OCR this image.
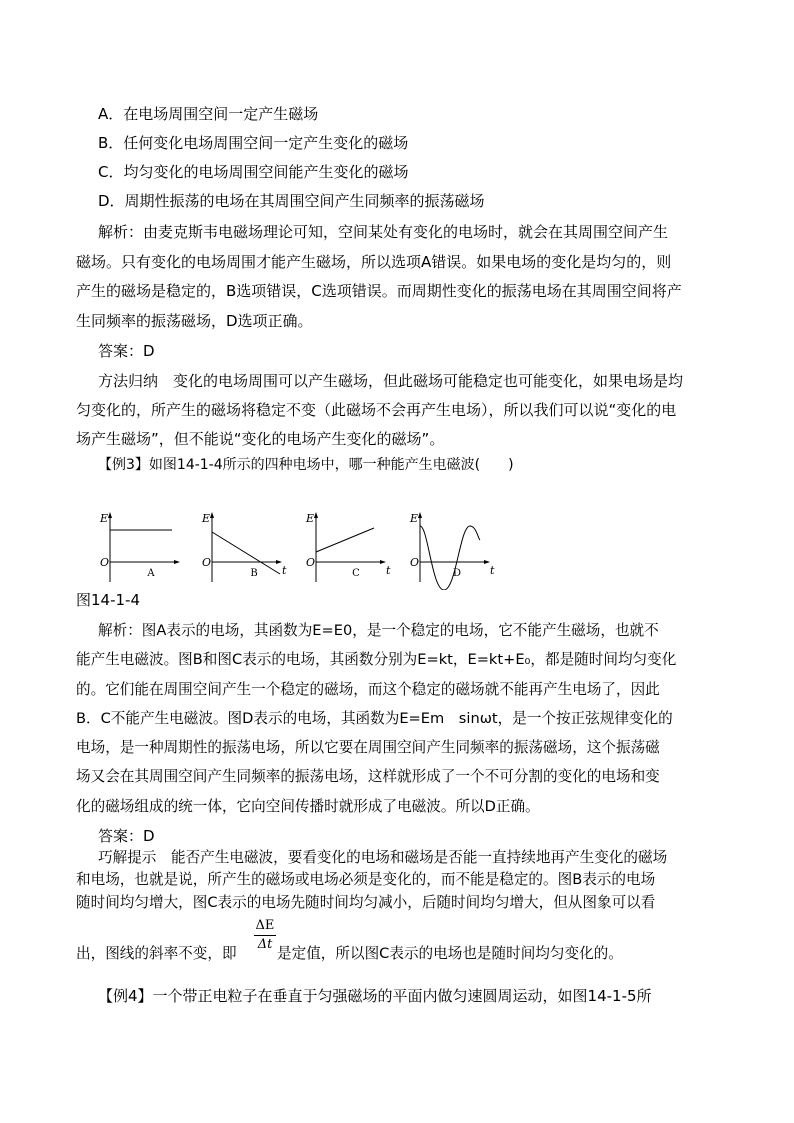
A．在电场周围空间一定产生磁场
B．任何变化电场周围空间一定产生变化的磁场
C．均匀变化的电场周围空间能产生变化的磁场
D．周期性振荡的电场在其周围空间产生同频率的振荡磁场
解析：由麦克斯韦电磁场理论可知，空间某处有变化的电场时，就会在其周围空间产生
磁场。只有变化的电场周围才能产生磁场，所以选项A错误。如果电场的变化是均匀的，则
产生的磁场是稳定的，B选项错误，C选项错误。而周期性变化的振荡电场在其周围空间将产
生同频率的振荡磁场，D选项正确。
答案：D
方法归纳　变化的电场周围可以产生磁场，但此磁场可能稳定也可能变化，如果电场是均
匀变化的，所产生的磁场将稳定不变（此磁场不会再产生电场），所以我们可以说“变化的电
场产生磁场”，但不能说“变化的电场产生变化的磁场”。
【例3】如图14-1-4所示的四种电场中，哪一种能产生电磁波(　　)
E
O
E
O
t
E
O
t
E
O
t
A	B	C	D
图14-1-4
解析：图A表示的电场，其函数为E=E0，是一个稳定的电场，它不能产生磁场，也就不
能产生电磁波。图B和图C表示的电场，其函数分别为E=kt，E=kt+E₀，都是随时间均匀变化
的。它们能在周围空间产生一个稳定的磁场，而这个稳定的磁场就不能再产生电场了，因此
B．C不能产生电磁波。图D表示的电场，其函数为E=Em　sinωt，是一个按正弦规律变化的
电场，是一种周期性的振荡电场，所以它要在周围空间产生同频率的振荡磁场，这个振荡磁
场又会在其周围空间产生同频率的振荡电场，这样就形成了一个不可分割的变化的电场和变
化的磁场组成的统一体，它向空间传播时就形成了电磁波。所以D正确。
答案：D
巧解提示　能否产生电磁波，要看变化的电场和磁场是否能一直持续地再产生变化的磁场
和电场，也就是说，所产生的磁场或电场必须是变化的，而不能是稳定的。图B表示的电场
随时间均匀增大，图C表示的电场先随时间均匀减小，后随时间均匀增大，但从图象可以看
出，图线的斜率不变，即
ΔE
Δt
是定值，所以图C表示的电场也是随时间均匀变化的。
【例4】一个带正电粒子在垂直于匀强磁场的平面内做匀速圆周运动，如图14-1-5所
